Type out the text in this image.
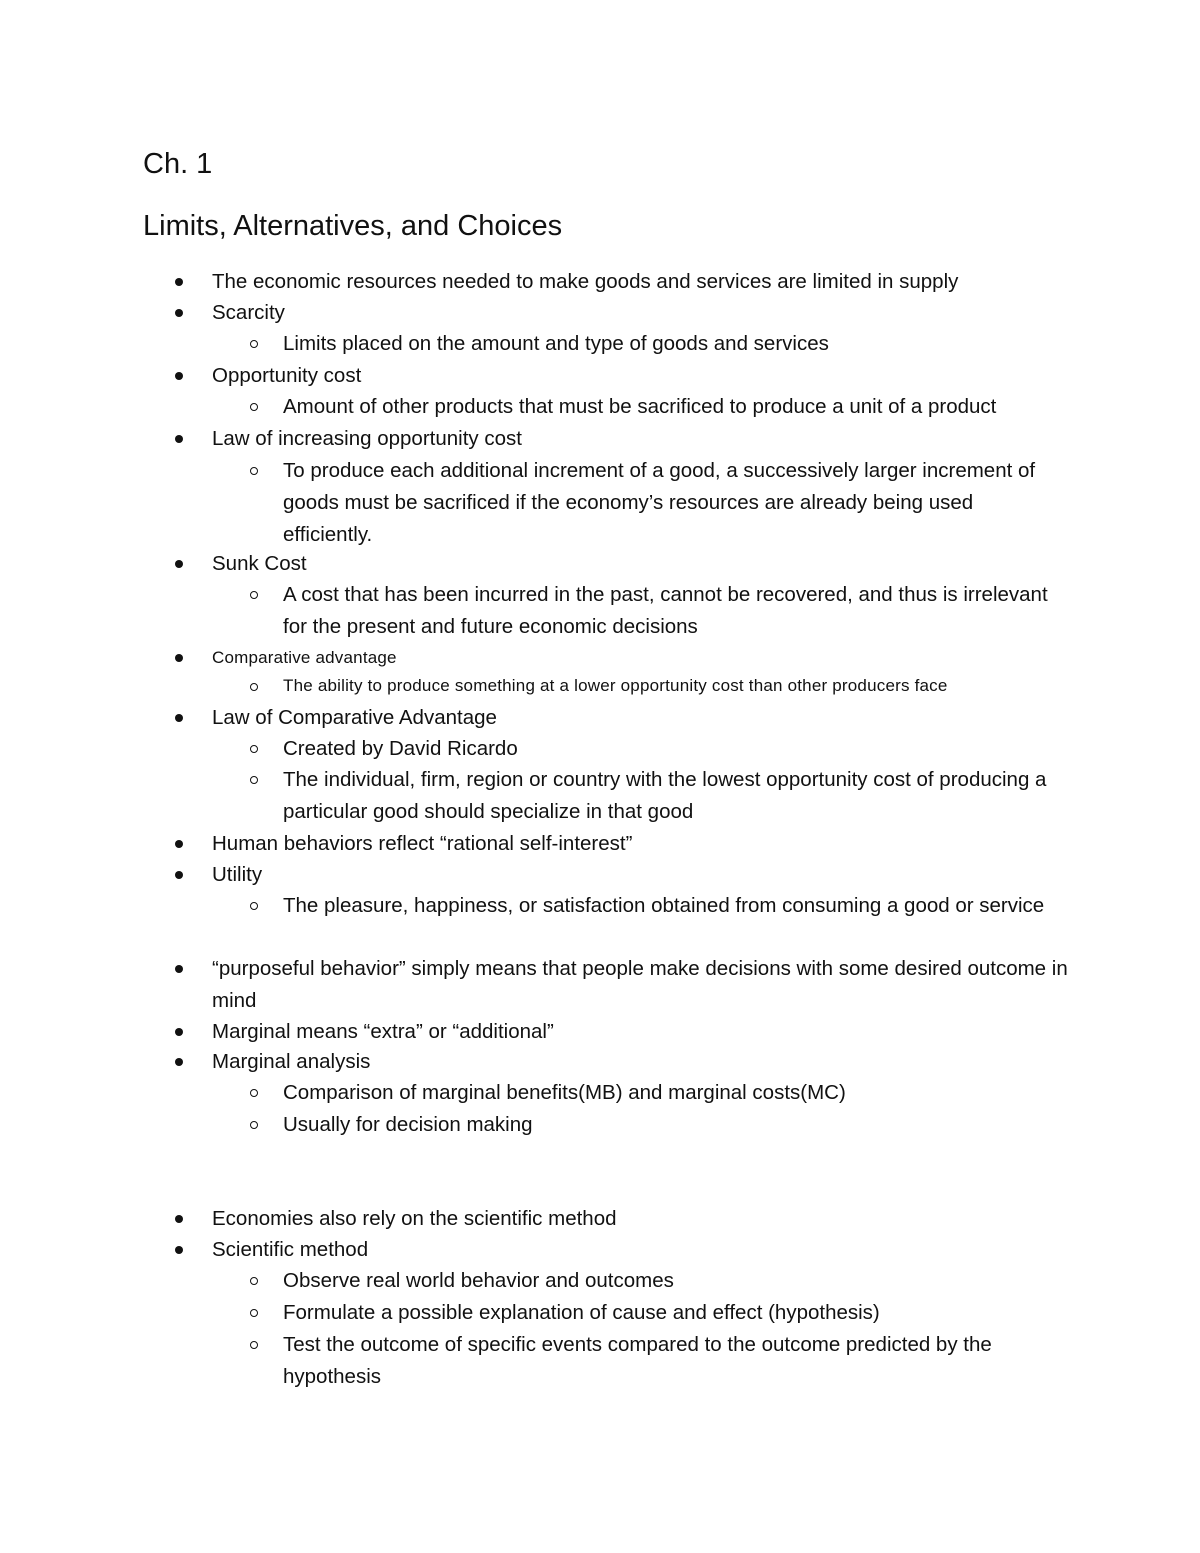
Ch. 1
Limits, Alternatives, and Choices

The economic resources needed to make goods and services are limited in supply

Scarcity

Limits placed on the amount and type of goods and services

Opportunity cost

Amount of other products that must be sacrificed to produce a unit of a product

Law of increasing opportunity cost

To produce each additional increment of a good, a successively larger increment of goods must be sacrificed if the economy’s resources are already being used efficiently.

Sunk Cost

A cost that has been incurred in the past, cannot be recovered, and thus is irrelevant for the present and future economic decisions

Comparative advantage

The ability to produce something at a lower opportunity cost than other producers face

Law of Comparative Advantage

Created by David Ricardo

The individual, firm, region or country with the lowest opportunity cost of producing a particular good should specialize in that good

Human behaviors reflect “rational self-interest”

Utility

The pleasure, happiness, or satisfaction obtained from consuming a good or service

“purposeful behavior” simply means that people make decisions with some desired outcome in mind

Marginal means “extra” or “additional”

Marginal analysis

Comparison of marginal benefits(MB) and marginal costs(MC)

Usually for decision making

Economies also rely on the scientific method

Scientific method

Observe real world behavior and outcomes

Formulate a possible explanation of cause and effect (hypothesis)

Test the outcome of specific events compared to the outcome predicted by the hypothesis
